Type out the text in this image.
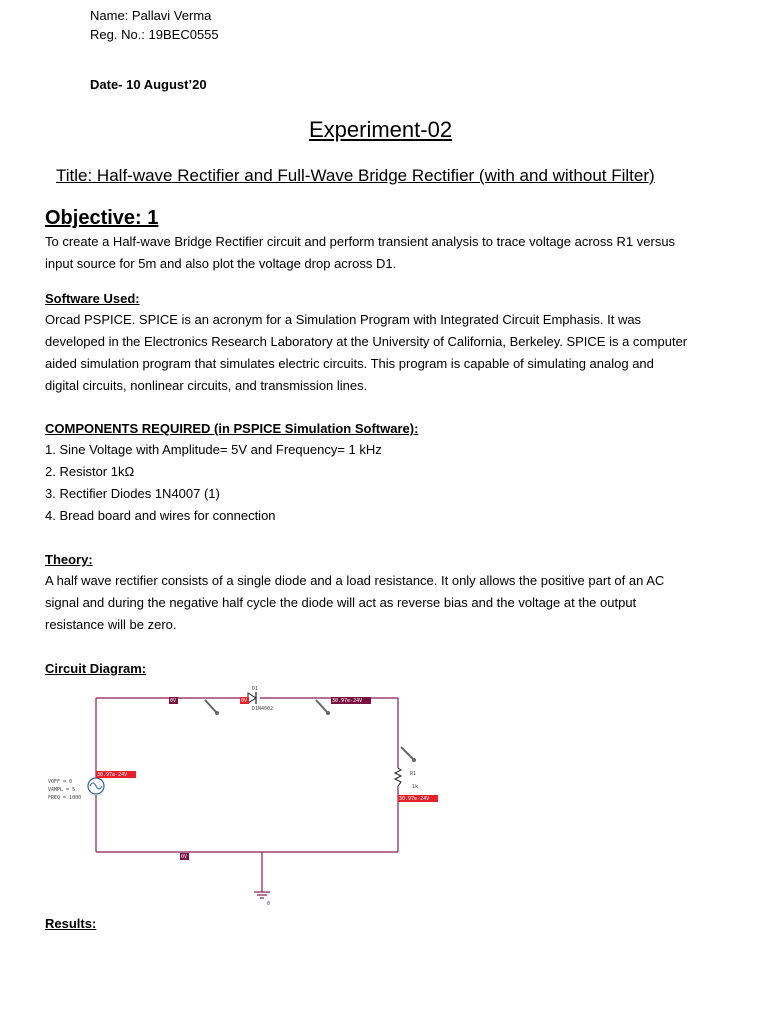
Name: Pallavi Verma
Reg. No.: 19BEC0555
Date- 10 August’20
Experiment-02
Title: Half-wave Rectifier and Full-Wave Bridge Rectifier (with and without Filter)
Objective: 1
To create a Half-wave Bridge Rectifier circuit and perform transient analysis to trace voltage across R1 versus
input source for 5m and also plot the voltage drop across D1.
Software Used:
Orcad PSPICE. SPICE is an acronym for a Simulation Program with Integrated Circuit Emphasis. It was
developed in the Electronics Research Laboratory at the University of California, Berkeley. SPICE is a computer
aided simulation program that simulates electric circuits. This program is capable of simulating analog and
digital circuits, nonlinear circuits, and transmission lines.
COMPONENTS REQUIRED (in PSPICE Simulation Software):
1. Sine Voltage with Amplitude= 5V and Frequency= 1 kHz
2. Resistor 1kΩ
3. Rectifier Diodes 1N4007 (1)
4. Bread board and wires for connection
Theory:
A half wave rectifier consists of a single diode and a load resistance. It only allows the positive part of an AC
signal and during the negative half cycle the diode will act as reverse bias and the voltage at the output
resistance will be zero.
Circuit Diagram:
D1
D1N4002
R1
1k
VOFF = 0
VAMPL = 5
FREQ = 1000
0
0V	0V	30.97e-24V
30.97e-24V
30.97e-24V
0V
Results:
